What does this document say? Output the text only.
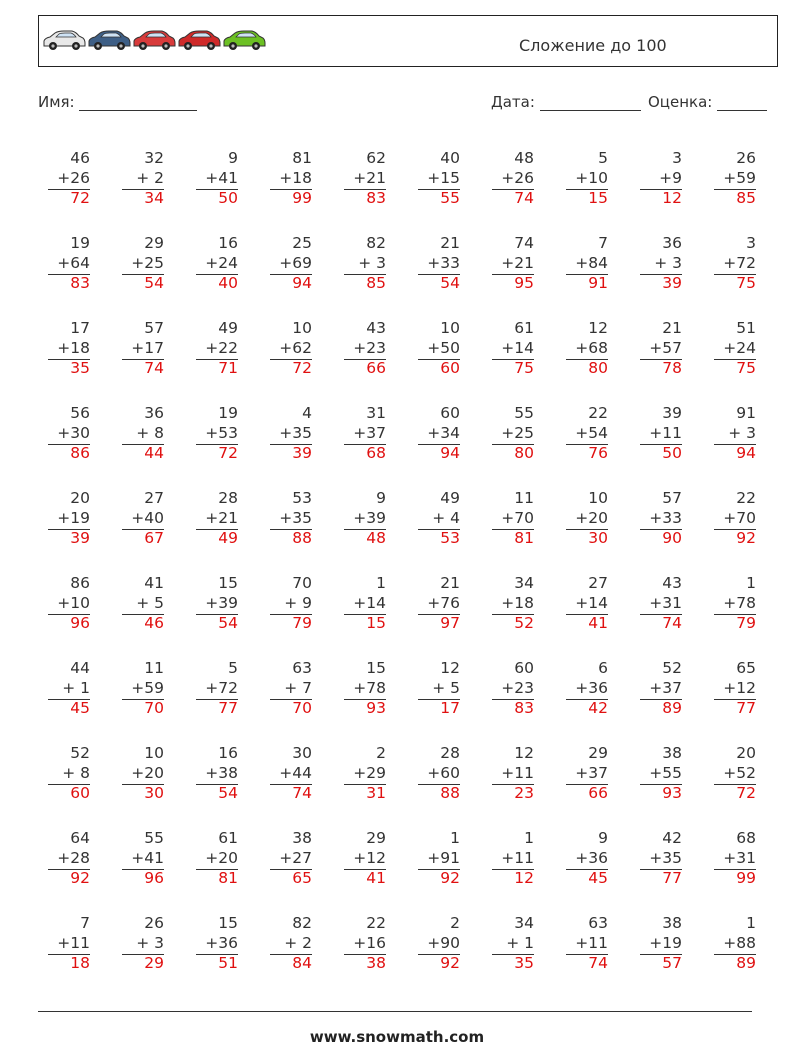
Сложение до 100
Имя:	Дата:	Оценка:
46
+26
72
32
+ 2
34
9
+41
50
81
+18
99
62
+21
83
40
+15
55
48
+26
74
5
+10
15
3
+9
12
26
+59
85
19
+64
83
29
+25
54
16
+24
40
25
+69
94
82
+ 3
85
21
+33
54
74
+21
95
7
+84
91
36
+ 3
39
3
+72
75
17
+18
35
57
+17
74
49
+22
71
10
+62
72
43
+23
66
10
+50
60
61
+14
75
12
+68
80
21
+57
78
51
+24
75
56
+30
86
36
+ 8
44
19
+53
72
4
+35
39
31
+37
68
60
+34
94
55
+25
80
22
+54
76
39
+11
50
91
+ 3
94
20
+19
39
27
+40
67
28
+21
49
53
+35
88
9
+39
48
49
+ 4
53
11
+70
81
10
+20
30
57
+33
90
22
+70
92
86
+10
96
41
+ 5
46
15
+39
54
70
+ 9
79
1
+14
15
21
+76
97
34
+18
52
27
+14
41
43
+31
74
1
+78
79
44
+ 1
45
11
+59
70
5
+72
77
63
+ 7
70
15
+78
93
12
+ 5
17
60
+23
83
6
+36
42
52
+37
89
65
+12
77
52
+ 8
60
10
+20
30
16
+38
54
30
+44
74
2
+29
31
28
+60
88
12
+11
23
29
+37
66
38
+55
93
20
+52
72
64
+28
92
55
+41
96
61
+20
81
38
+27
65
29
+12
41
1
+91
92
1
+11
12
9
+36
45
42
+35
77
68
+31
99
7
+11
18
26
+ 3
29
15
+36
51
82
+ 2
84
22
+16
38
2
+90
92
34
+ 1
35
63
+11
74
38
+19
57
1
+88
89
www.snowmath.com
